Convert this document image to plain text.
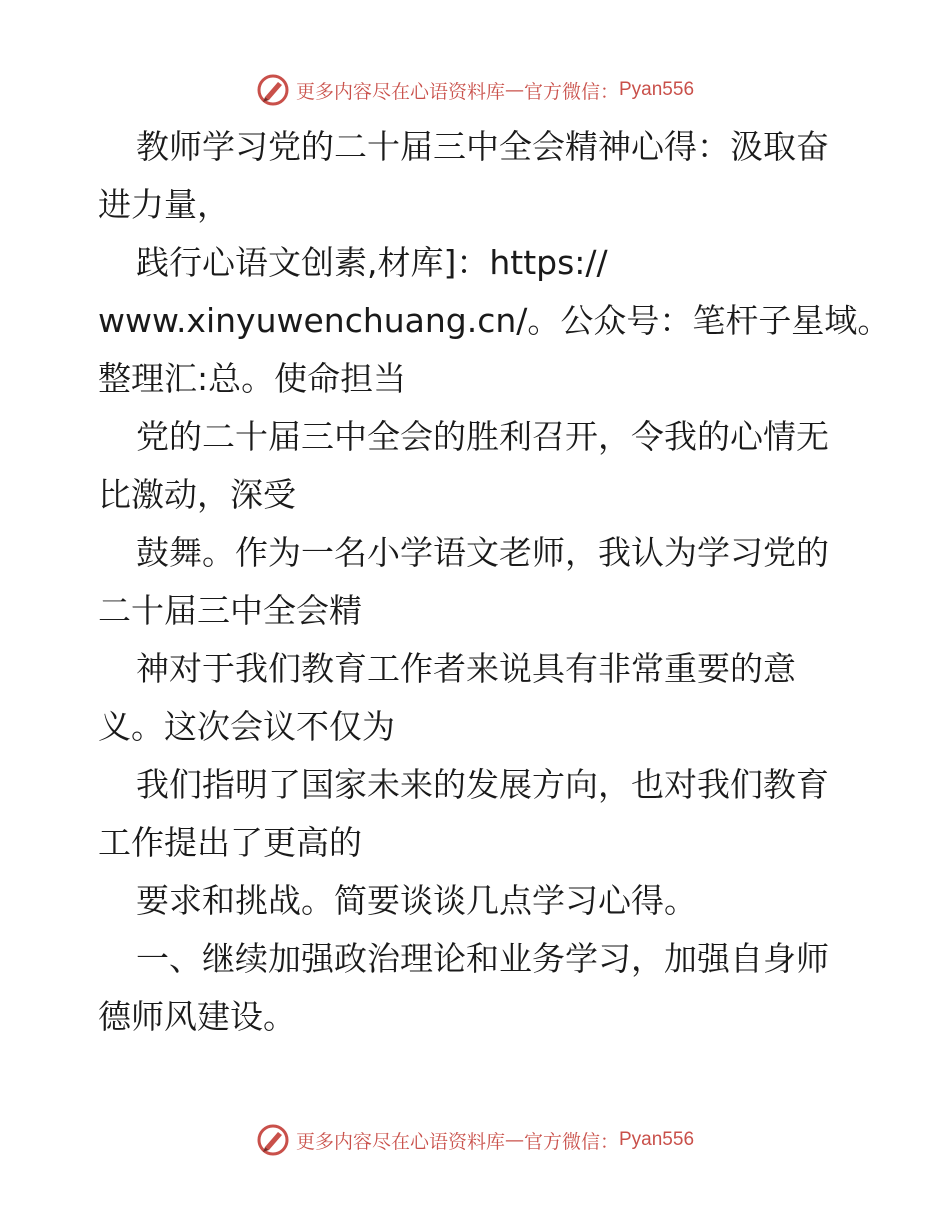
更多内容尽在心语资料库 — 官方微信： Pyan556
教师学习党的二十届三中全会精神心得：汲取奋
进力量，
践行心语文创素,材库]：https://
www.xinyuwenchuang.cn/。公众号：笔杆子星域。
整理汇:总。使命担当
党的二十届三中全会的胜利召开，令我的心情无
比激动，深受
鼓舞。作为一名小学语文老师，我认为学习党的
二十届三中全会精
神对于我们教育工作者来说具有非常重要的意
义。这次会议不仅为
我们指明了国家未来的发展方向，也对我们教育
工作提出了更高的
要求和挑战。简要谈谈几点学习心得。
一、继续加强政治理论和业务学习，加强自身师
德师风建设。
更多内容尽在心语资料库 — 官方微信： Pyan556
